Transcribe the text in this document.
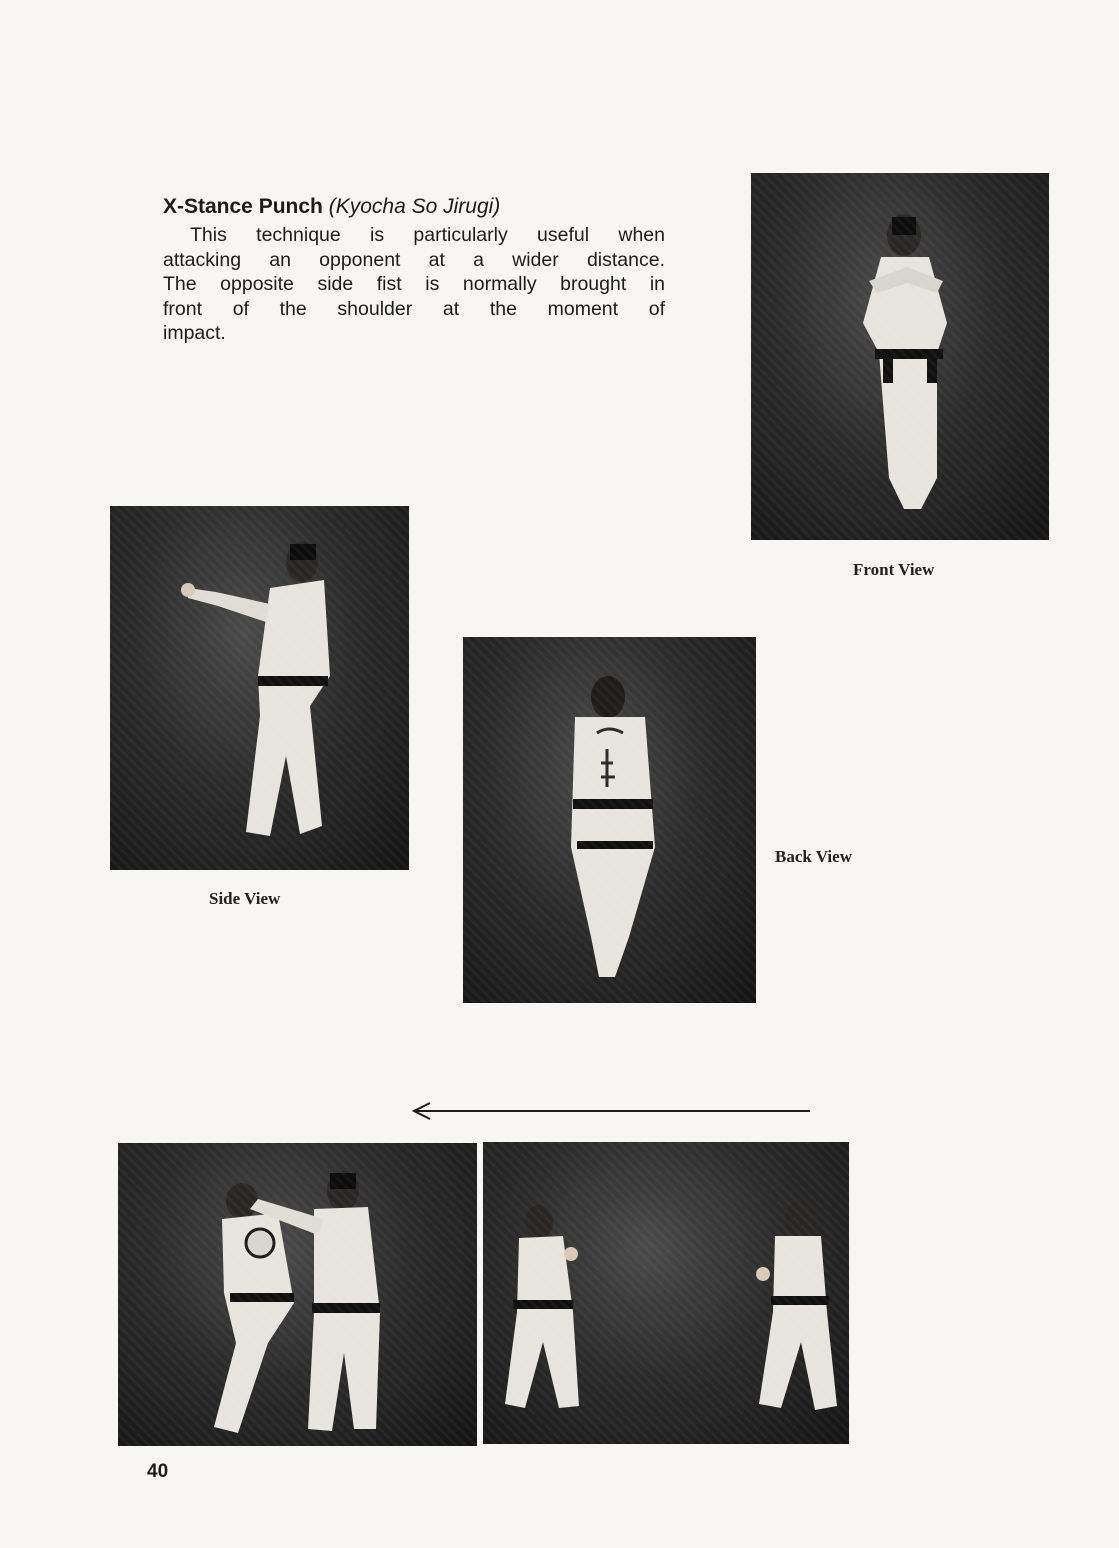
X-Stance Punch (Kyocha So Jirugi)

This technique is particularly useful when
attacking an opponent at a wider distance.
The opposite side fist is normally brought in
front of the shoulder at the moment of
impact.

Front View

Side View

Back View

40
